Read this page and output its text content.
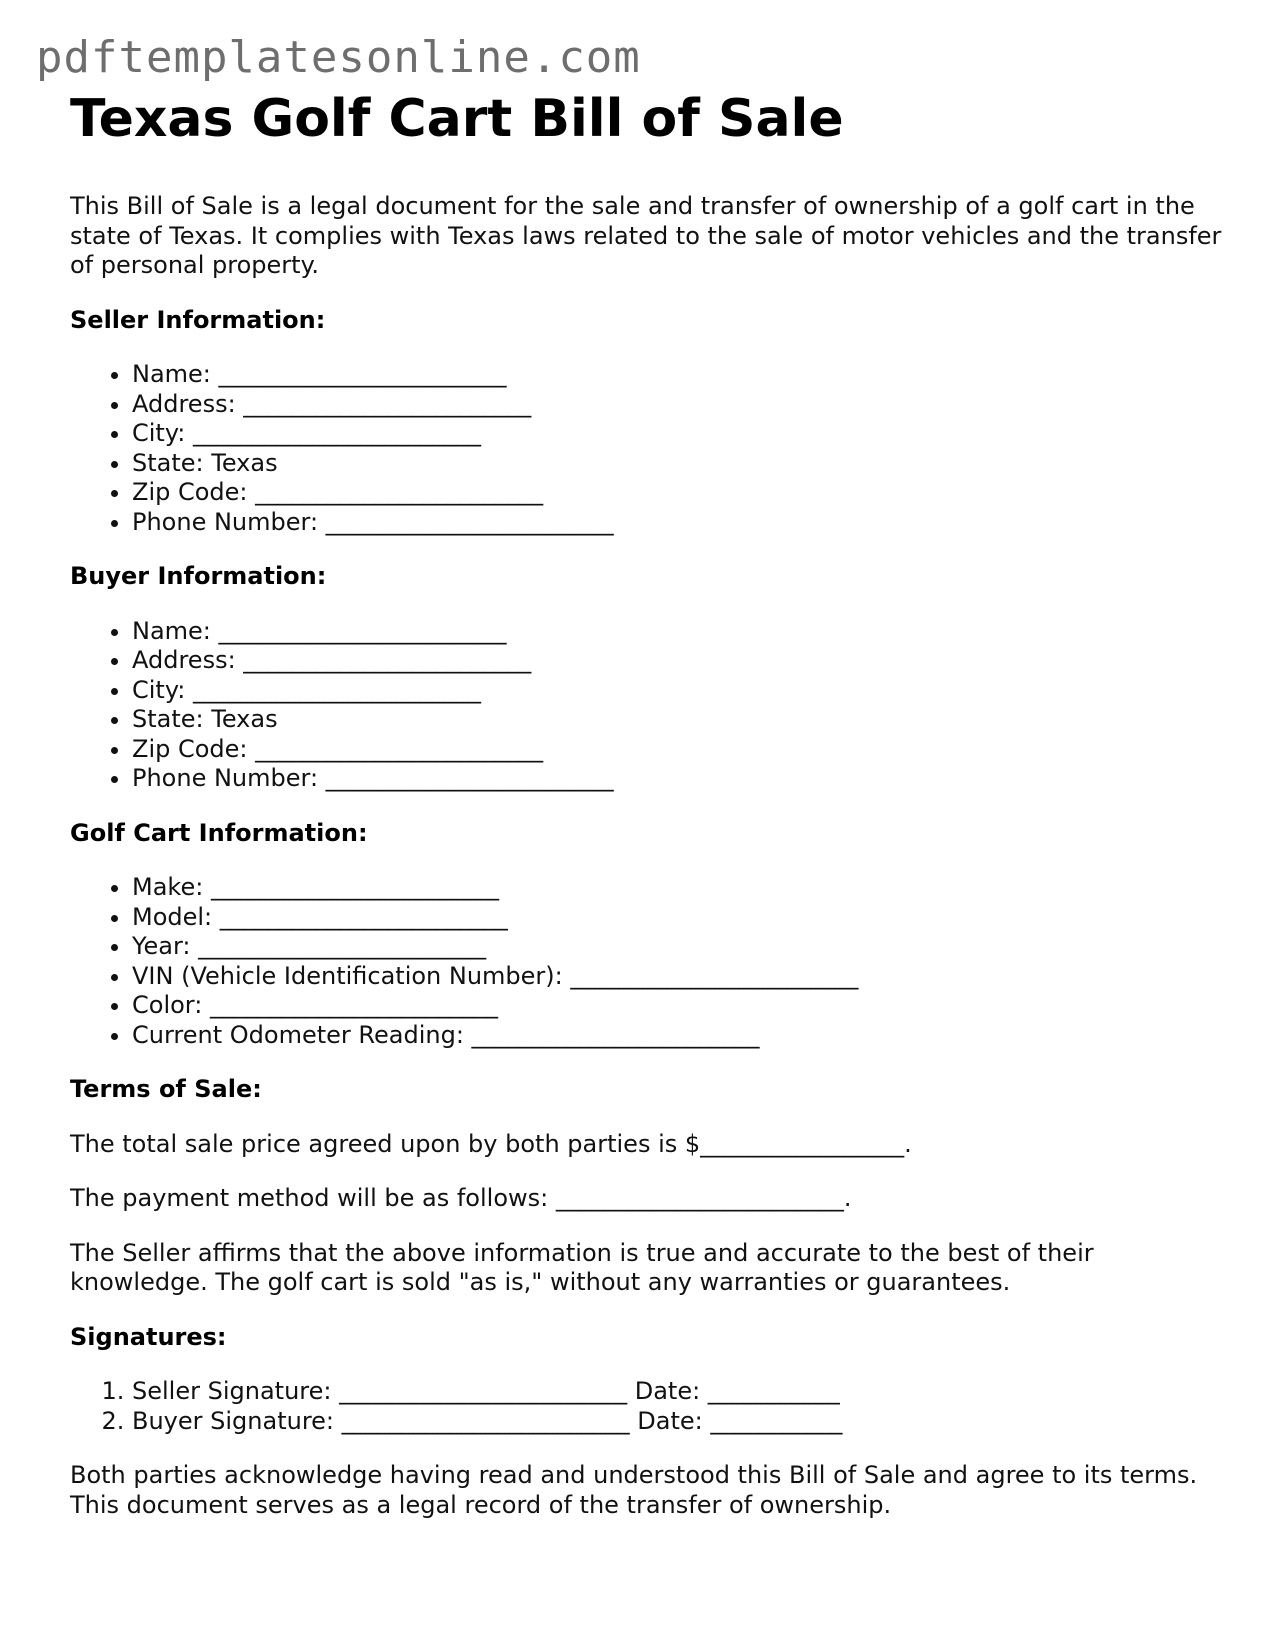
pdftemplatesonline.com
Texas Golf Cart Bill of Sale

This Bill of Sale is a legal document for the sale and transfer of ownership of a golf cart in the state of Texas. It complies with Texas laws related to the sale of motor vehicles and the transfer of personal property.

Seller Information:
• Name: ________________________
• Address: ________________________
• City: ________________________
• State: Texas
• Zip Code: ________________________
• Phone Number: ________________________
Buyer Information:
• Name: ________________________
• Address: ________________________
• City: ________________________
• State: Texas
• Zip Code: ________________________
• Phone Number: ________________________
Golf Cart Information:
• Make: ________________________
• Model: ________________________
• Year: ________________________
• VIN (Vehicle Identification Number): ________________________
• Color: ________________________
• Current Odometer Reading: ________________________
Terms of Sale:

The total sale price agreed upon by both parties is $_________________.

The payment method will be as follows: ________________________.

The Seller affirms that the above information is true and accurate to the best of their knowledge. The golf cart is sold "as is," without any warranties or guarantees.

Signatures:
1. Seller Signature: ________________________ Date: ___________
2. Buyer Signature: ________________________ Date: ___________

Both parties acknowledge having read and understood this Bill of Sale and agree to its terms. This document serves as a legal record of the transfer of ownership.
